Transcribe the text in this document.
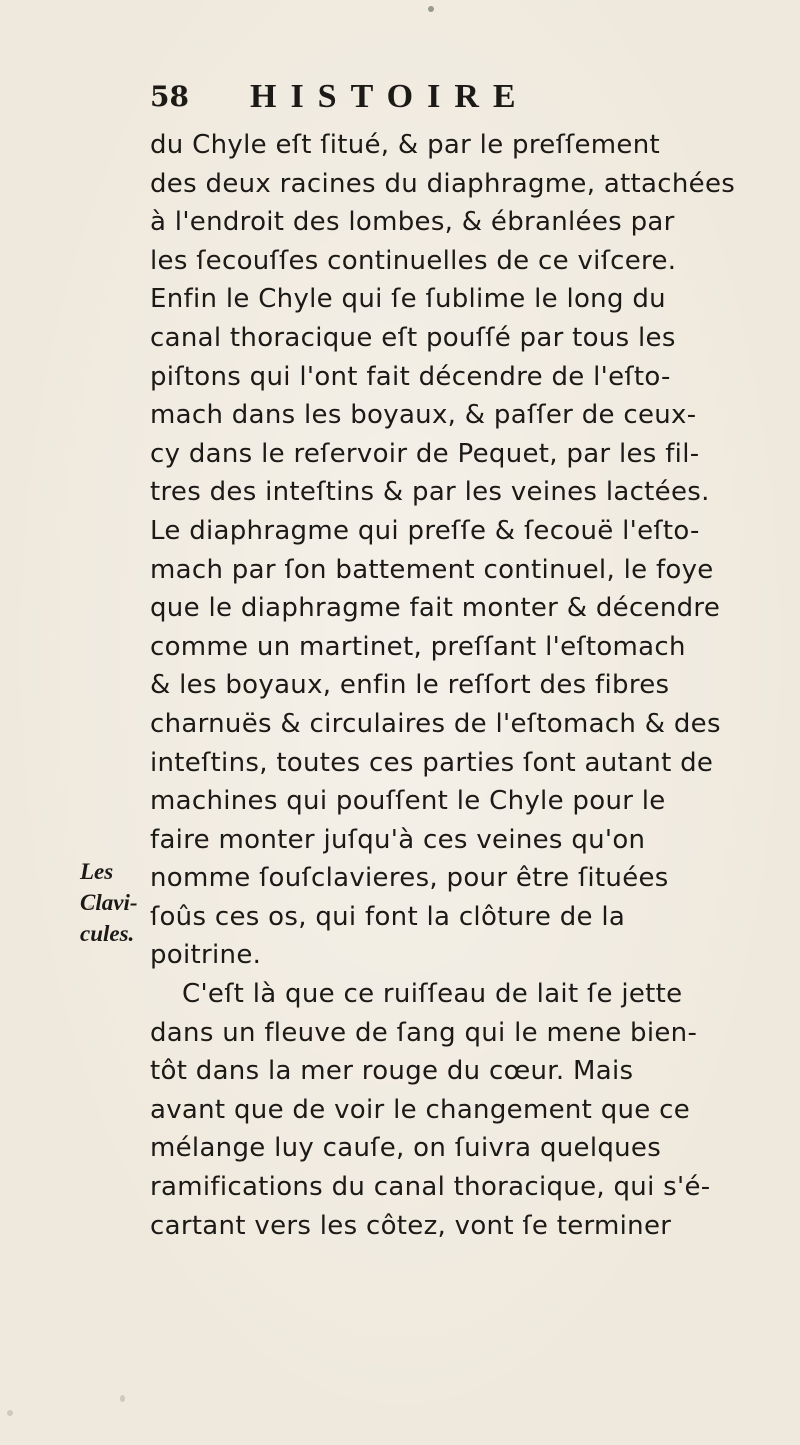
58 HISTOIRE
du Chyle eſt ſitué, & par le preſſement
des deux racines du diaphragme, attachées
à l'endroit des lombes, & ébranlées par
les ſecouſſes continuelles de ce viſcere.
Enfin le Chyle qui ſe ſublime le long du
canal thoracique eſt pouſſé par tous les
piſtons qui l'ont fait décendre de l'eſto-
mach dans les boyaux, & paſſer de ceux-
cy dans le reſervoir de Pequet, par les fil-
tres des inteſtins & par les veines lactées.
Le diaphragme qui preſſe & ſecouë l'eſto-
mach par ſon battement continuel, le foye
que le diaphragme fait monter & décendre
comme un martinet, preſſant l'eſtomach
& les boyaux, enfin le reſſort des fibres
charnuës & circulaires de l'eſtomach & des
inteſtins, toutes ces parties ſont autant de
machines qui pouſſent le Chyle pour le
faire monter juſqu'à ces veines qu'on
nomme ſouſclavieres, pour être ſituées
ſoûs ces os, qui font la clôture de la
poitrine.
C'eſt là que ce ruiſſeau de lait ſe jette
dans un fleuve de ſang qui le mene bien-
tôt dans la mer rouge du cœur. Mais
avant que de voir le changement que ce
mélange luy cauſe, on ſuivra quelques
ramifications du canal thoracique, qui s'é-
cartant vers les côtez, vont ſe terminer
Les
Clavi-
cules.
